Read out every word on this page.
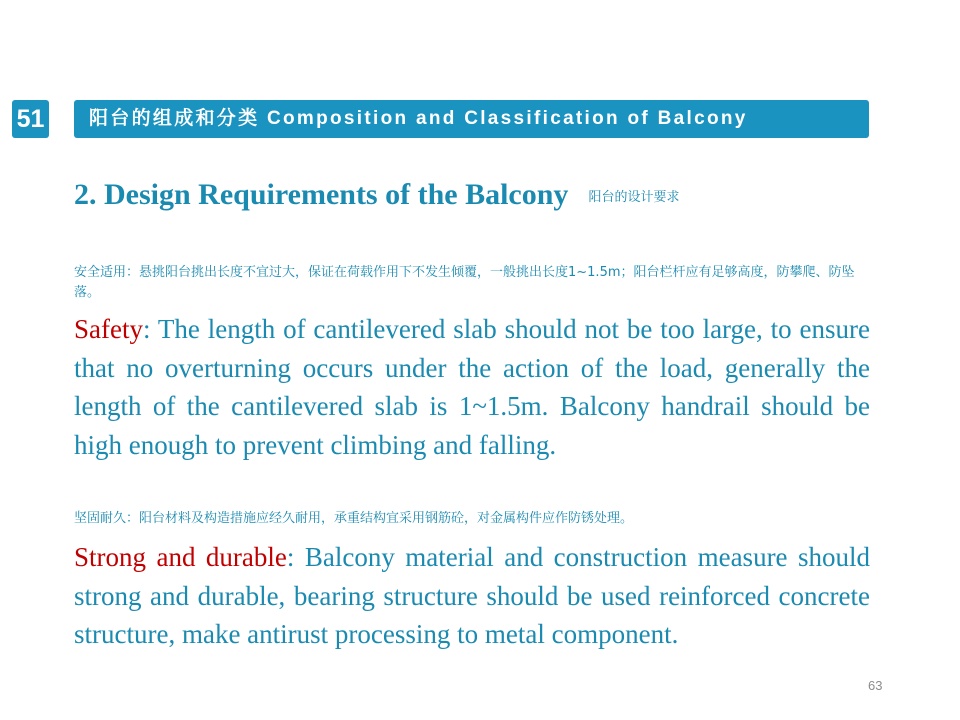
51	阳台的组成和分类 Composition and Classification of Balcony
2. Design Requirements of the Balcony 阳台的设计要求
安全适用：悬挑阳台挑出长度不宜过大，保证在荷载作用下不发生倾覆，一般挑出长度1~1.5m；阳台栏杆应有足够高度，防攀爬、防坠落。
Safety: The length of cantilevered slab should not be too large, to ensure that no overturning occurs under the action of the load, generally the length of the cantilevered slab is 1~1.5m. Balcony handrail should be high enough to prevent climbing and falling.
坚固耐久：阳台材料及构造措施应经久耐用，承重结构宜采用钢筋砼，对金属构件应作防锈处理。
Strong and durable: Balcony material and construction measure should strong and durable, bearing structure should be used reinforced concrete structure, make antirust processing to metal component.
63
